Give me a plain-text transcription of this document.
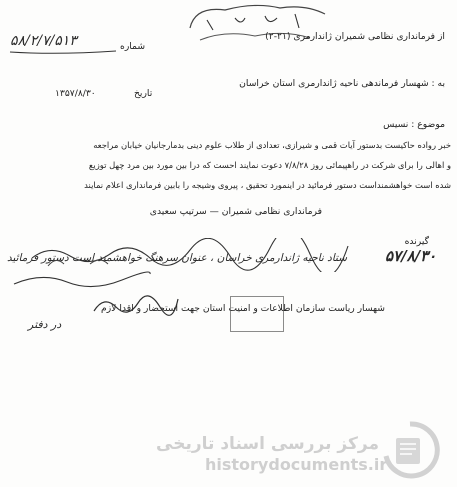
۵۸/۲/۷/۵۱۳	شماره
از فرمانداری نظامی شمیران ژاندارمری (۲۱-۲)
به : شهسار فرماندهی ناحیه ژاندارمری استان خراسان
تاریخ
۱۳۵۷/۸/۳۰
موضوع : نسیس
خبر رواده حاکیست بدستور آیات قمی و شیرازی، تعدادی از طلاب علوم دینی بدمارجانیان خیابان مراجعه
و اهالی را برای شرکت در راهپیمائی روز ۷/۸/۲۸ دعوت نمایند احست که درا بین مورد بین مرد چهل توزیع
شده است خواهشمنداست دستور فرمائید در اینمورد تحقیق ، پیروی وشیجه را بابین فرمانداری اعلام نمایند
فرمانداری نظامی شمیران — سرتیپ سعیدی
گیرنده
ستاد ناجیه ژاندارمری خراسان ، عنوان سرهنگ خواهشمند است دستور فرمائید	۵۷/۸/۳۰
شهسار ریاست سازمان اطلاعات و امنیت استان جهت استحضار و اقدا لازم
در دفتر
مرکز بررسی اسناد تاریخی
historydocuments.ir
